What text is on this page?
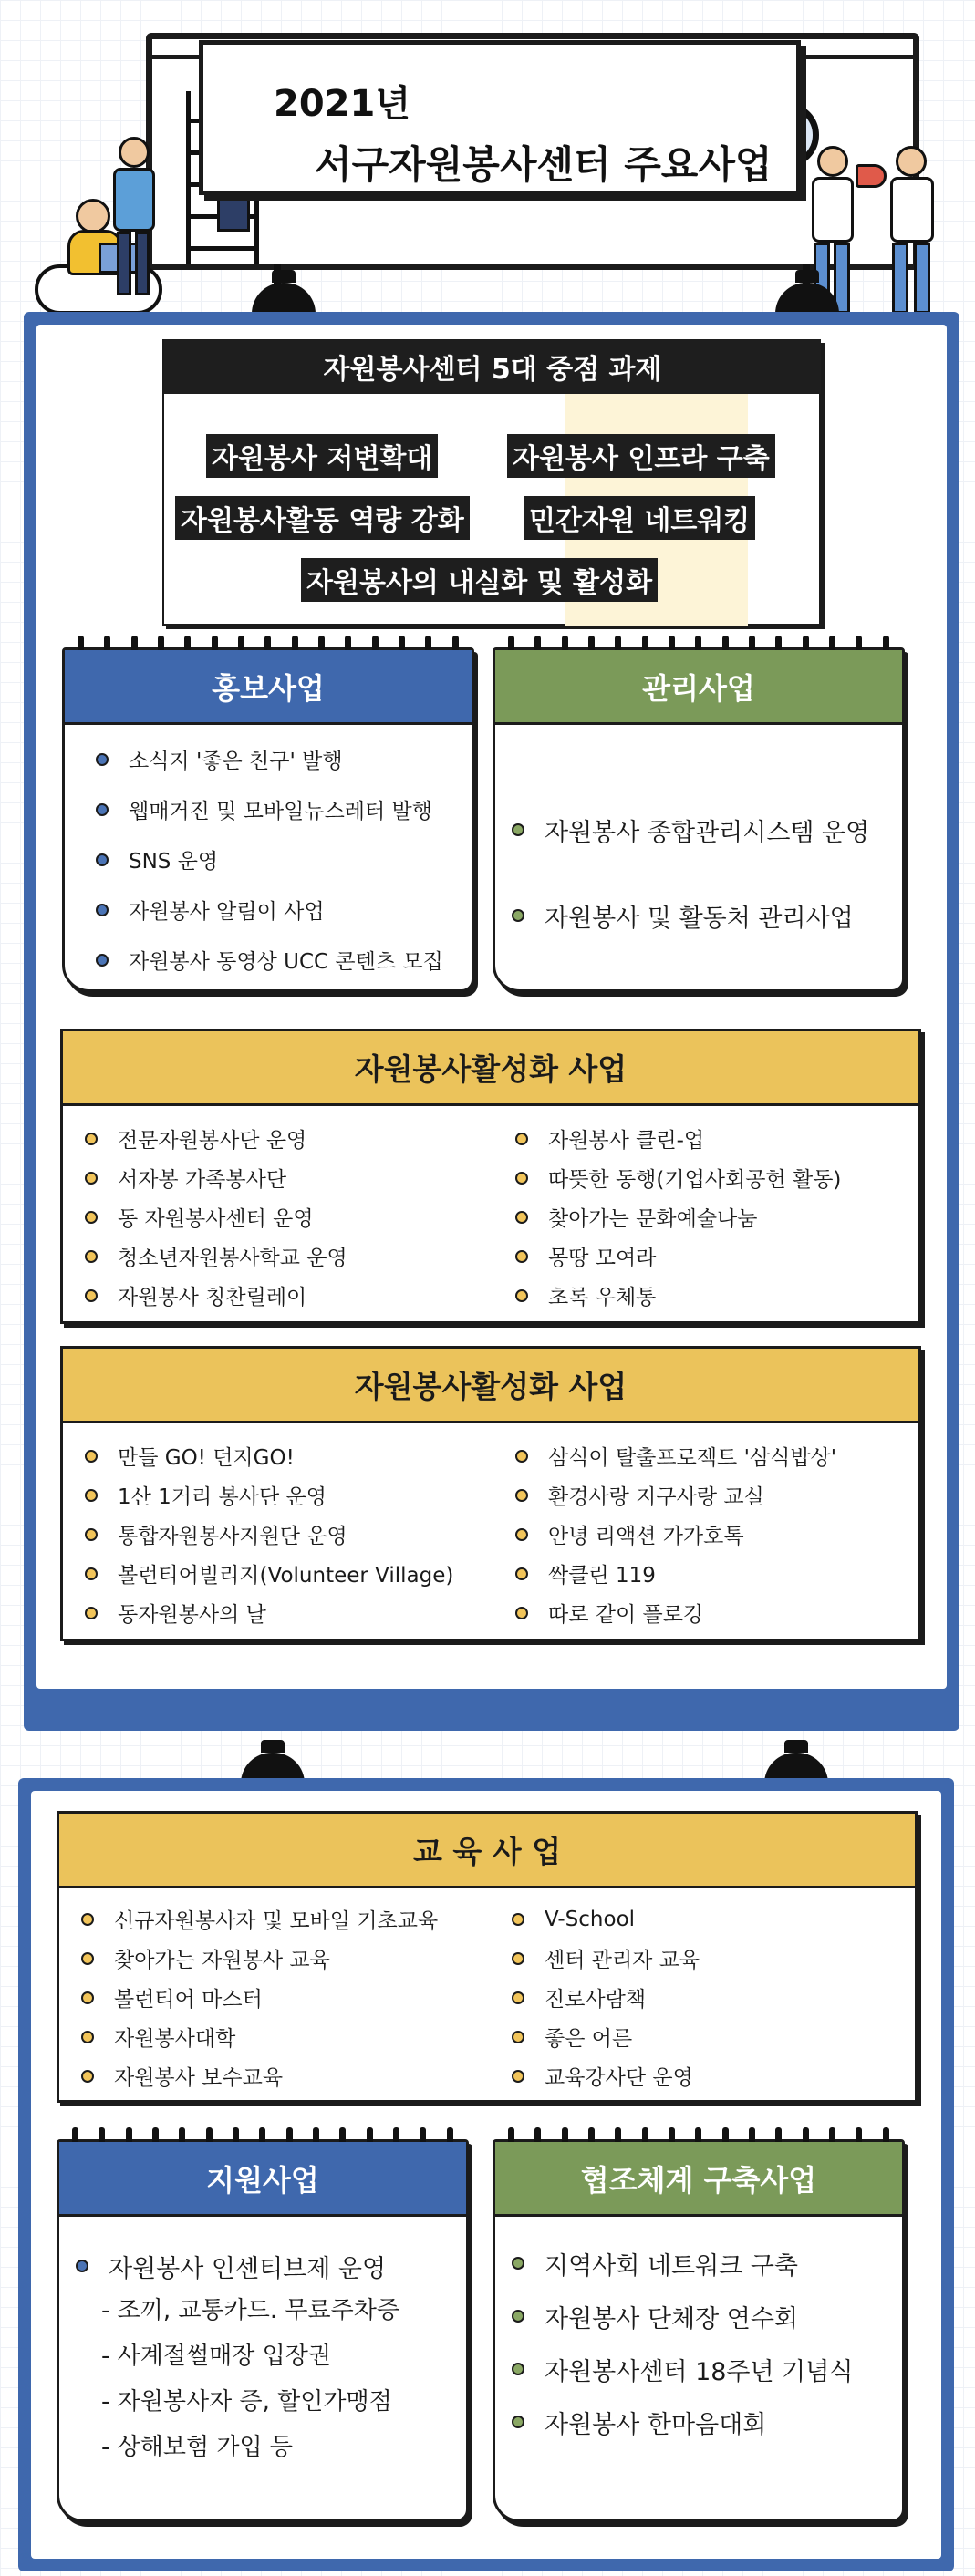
2021년
서구자원봉사센터 주요사업
자원봉사센터 5대 중점 과제
자원봉사 저변확대	자원봉사 인프라 구축
자원봉사활동 역량 강화 민간자원 네트워킹
자원봉사의 내실화 및 활성화
홍보사업
소식지 '좋은 친구' 발행
웹매거진 및 모바일뉴스레터 발행
SNS 운영
자원봉사 알림이 사업
자원봉사 동영상 UCC 콘텐츠 모집
관리사업
자원봉사 종합관리시스템 운영
자원봉사 및 활동처 관리사업
자원봉사활성화 사업
전문자원봉사단 운영
서자봉 가족봉사단
동 자원봉사센터 운영
청소년자원봉사학교 운영
자원봉사 칭찬릴레이
자원봉사 클린-업
따뜻한 동행(기업사회공헌 활동)
찾아가는 문화예술나눔
몽땅 모여라
초록 우체통
자원봉사활성화 사업
만들 GO! 던지GO!
1산 1거리 봉사단 운영
통합자원봉사지원단 운영
볼런티어빌리지(Volunteer Village)
동자원봉사의 날
삼식이 탈출프로젝트 '삼식밥상'
환경사랑 지구사랑 교실
안녕 리액션 가가호톡
싹클린 119
따로 같이 플로깅
교 육 사 업
신규자원봉사자 및 모바일 기초교육
찾아가는 자원봉사 교육
볼런티어 마스터
자원봉사대학
자원봉사 보수교육
V-School
센터 관리자 교육
진로사람책
좋은 어른
교육강사단 운영
지원사업
자원봉사 인센티브제 운영
- 조끼, 교통카드. 무료주차증
- 사계절썰매장 입장권
- 자원봉사자 증, 할인가맹점
- 상해보험 가입 등
협조체계 구축사업
지역사회 네트워크 구축
자원봉사 단체장 연수회
자원봉사센터 18주년 기념식
자원봉사 한마음대회
